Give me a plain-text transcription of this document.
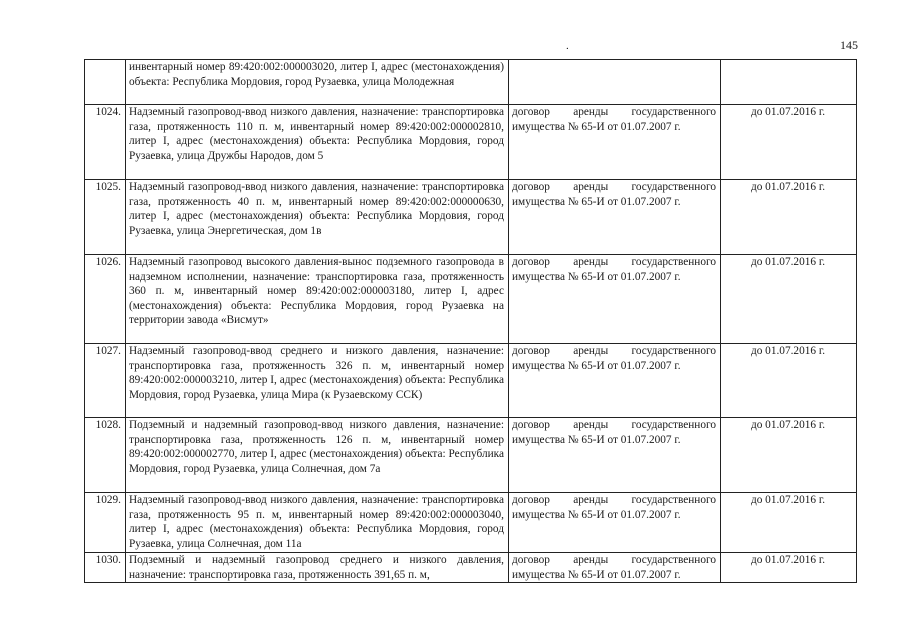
145
.
	инвентарный номер 89:420:002:000003020, литер I, адрес (местонахождения) объекта: Республика Мордовия, город Рузаевка, улица Молодежная		
1024.	Надземный газопровод-ввод низкого давления, назначение: транспортировка газа, протяженность 110 п. м, инвентарный номер 89:420:002:000002810, литер I, адрес (местонахождения) объекта: Республика Мордовия, город Рузаевка, улица Дружбы Народов, дом 5	договор аренды государственного имущества № 65-И от 01.07.2007 г.	до 01.07.2016 г.
1025.	Надземный газопровод-ввод низкого давления, назначение: транспортировка газа, протяженность 40 п. м, инвентарный номер 89:420:002:000000630, литер I, адрес (местонахождения) объекта: Республика Мордовия, город Рузаевка, улица Энергетическая, дом 1в	договор аренды государственного имущества № 65-И от 01.07.2007 г.	до 01.07.2016 г.
1026.	Надземный газопровод высокого давления-вынос подземного газопровода в надземном исполнении, назначение: транспортировка газа, протяженность 360 п. м, инвентарный номер 89:420:002:000003180, литер I, адрес (местонахождения) объекта: Республика Мордовия, город Рузаевка на территории завода «Висмут»	договор аренды государственного имущества № 65-И от 01.07.2007 г.	до 01.07.2016 г.
1027.	Надземный газопровод-ввод среднего и низкого давления, назначение: транспортировка газа, протяженность 326 п. м, инвентарный номер 89:420:002:000003210, литер I, адрес (местонахождения) объекта: Республика Мордовия, город Рузаевка, улица Мира (к Рузаевскому ССК)	договор аренды государственного имущества № 65-И от 01.07.2007 г.	до 01.07.2016 г.
1028.	Подземный и надземный газопровод-ввод низкого давления, назначение: транспортировка газа, протяженность 126 п. м, инвентарный номер 89:420:002:000002770, литер I, адрес (местонахождения) объекта: Республика Мордовия, город Рузаевка, улица Солнечная, дом 7а	договор аренды государственного имущества № 65-И от 01.07.2007 г.	до 01.07.2016 г.
1029.	Надземный газопровод-ввод низкого давления, назначение: транспортировка газа, протяженность 95 п. м, инвентарный номер 89:420:002:000003040, литер I, адрес (местонахождения) объекта: Республика Мордовия, город Рузаевка, улица Солнечная, дом 11а	договор аренды государственного имущества № 65-И от 01.07.2007 г.	до 01.07.2016 г.
1030.	Подземный и надземный газопровод среднего и низкого давления, назначение: транспортировка газа, протяженность 391,65 п. м,	договор аренды государственного имущества № 65-И от 01.07.2007 г.	до 01.07.2016 г.
